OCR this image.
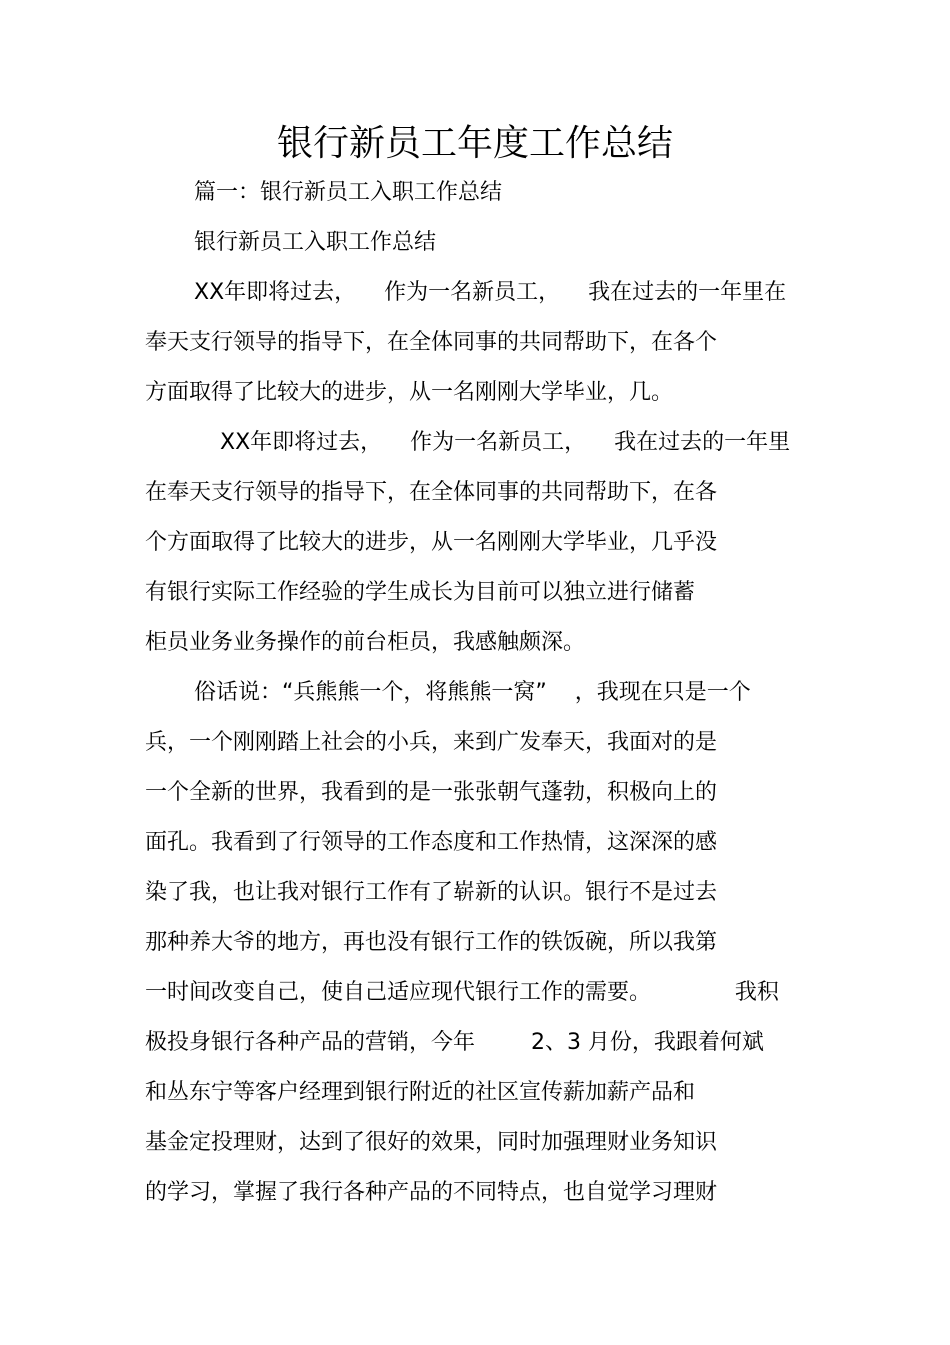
银行新员工年度工作总结
篇一：银行新员工入职工作总结
银行新员工入职工作总结
XX年即将过去，    作为一名新员工，    我在过去的一年里在
奉天支行领导的指导下，在全体同事的共同帮助下，在各个
方面取得了比较大的进步，从一名刚刚大学毕业，几。
XX年即将过去，    作为一名新员工，    我在过去的一年里
在奉天支行领导的指导下，在全体同事的共同帮助下，在各
个方面取得了比较大的进步，从一名刚刚大学毕业，几乎没
有银行实际工作经验的学生成长为目前可以独立进行储蓄
柜员业务业务操作的前台柜员，我感触颇深。
俗话说：“兵熊熊一个，将熊熊一窝”    ，我现在只是一个
兵，一个刚刚踏上社会的小兵，来到广发奉天，我面对的是
一个全新的世界，我看到的是一张张朝气蓬勃，积极向上的
面孔。我看到了行领导的工作态度和工作热情，这深深的感
染了我，也让我对银行工作有了崭新的认识。银行不是过去
那种养大爷的地方，再也没有银行工作的铁饭碗，所以我第
一时间改变自己，使自己适应现代银行工作的需要。            我积
极投身银行各种产品的营销，今年        2、3 月份，我跟着何斌
和丛东宁等客户经理到银行附近的社区宣传薪加薪产品和
基金定投理财，达到了很好的效果，同时加强理财业务知识
的学习，掌握了我行各种产品的不同特点，也自觉学习理财
